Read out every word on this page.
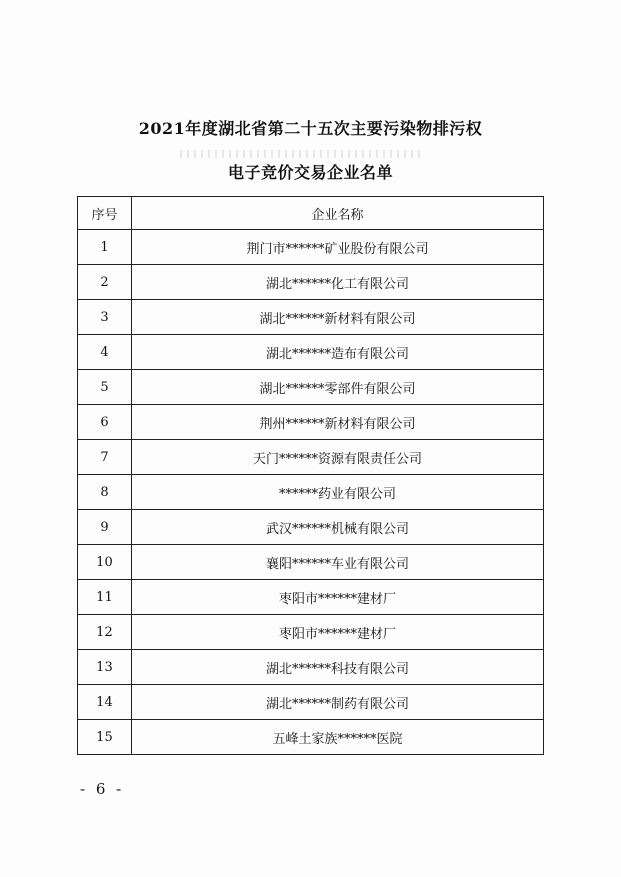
2021年度湖北省第二十五次主要污染物排污权
电子竞价交易企业名单
序号	企业名称
1	荆门市******矿业股份有限公司
2	湖北******化工有限公司
3	湖北******新材料有限公司
4	湖北******造布有限公司
5	湖北******零部件有限公司
6	荆州******新材料有限公司
7	天门******资源有限责任公司
8	******药业有限公司
9	武汉******机械有限公司
10	襄阳******车业有限公司
11	枣阳市******建材厂
12	枣阳市******建材厂
13	湖北******科技有限公司
14	湖北******制药有限公司
15	五峰土家族******医院
- 6 -
